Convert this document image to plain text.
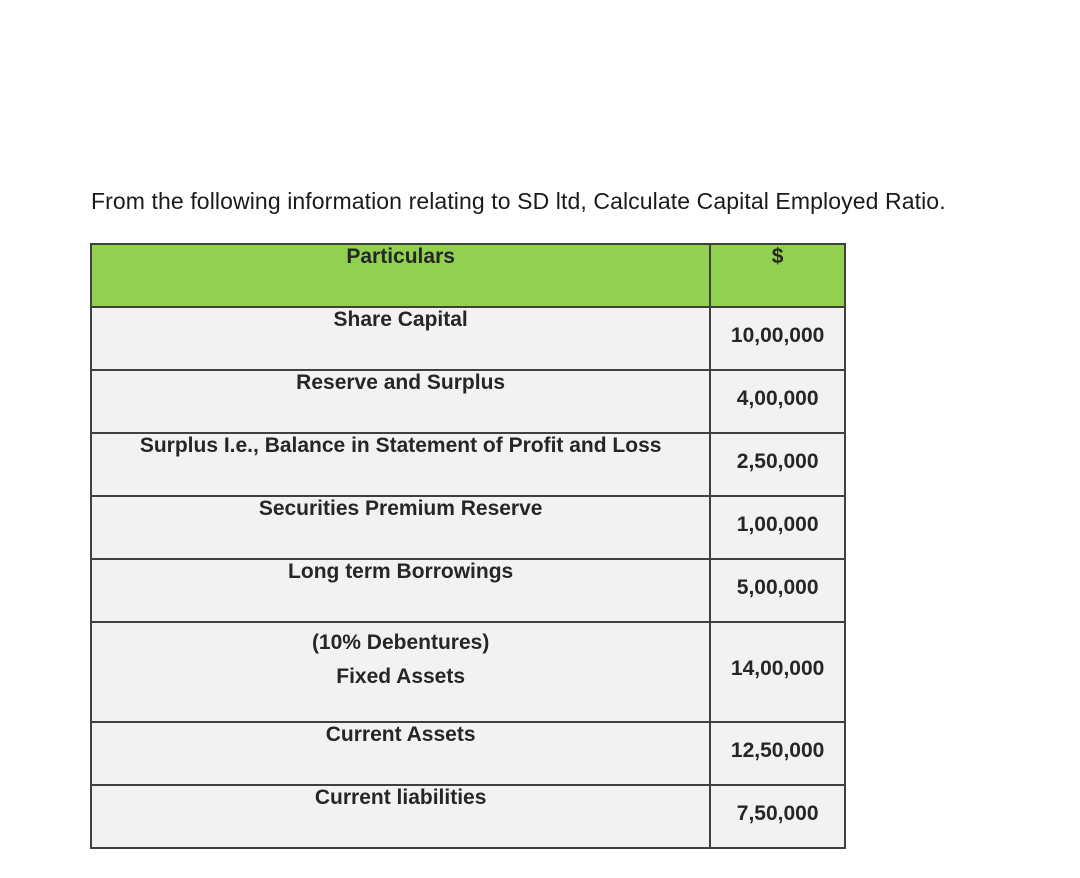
From the following information relating to SD ltd, Calculate Capital Employed Ratio.
Particulars	$
Share Capital	10,00,000
Reserve and Surplus	4,00,000
Surplus I.e., Balance in Statement of Profit and Loss	2,50,000
Securities Premium Reserve	1,00,000
Long term Borrowings	5,00,000
(10% Debentures)
Fixed Assets	14,00,000
Current Assets	12,50,000
Current liabilities	7,50,000
